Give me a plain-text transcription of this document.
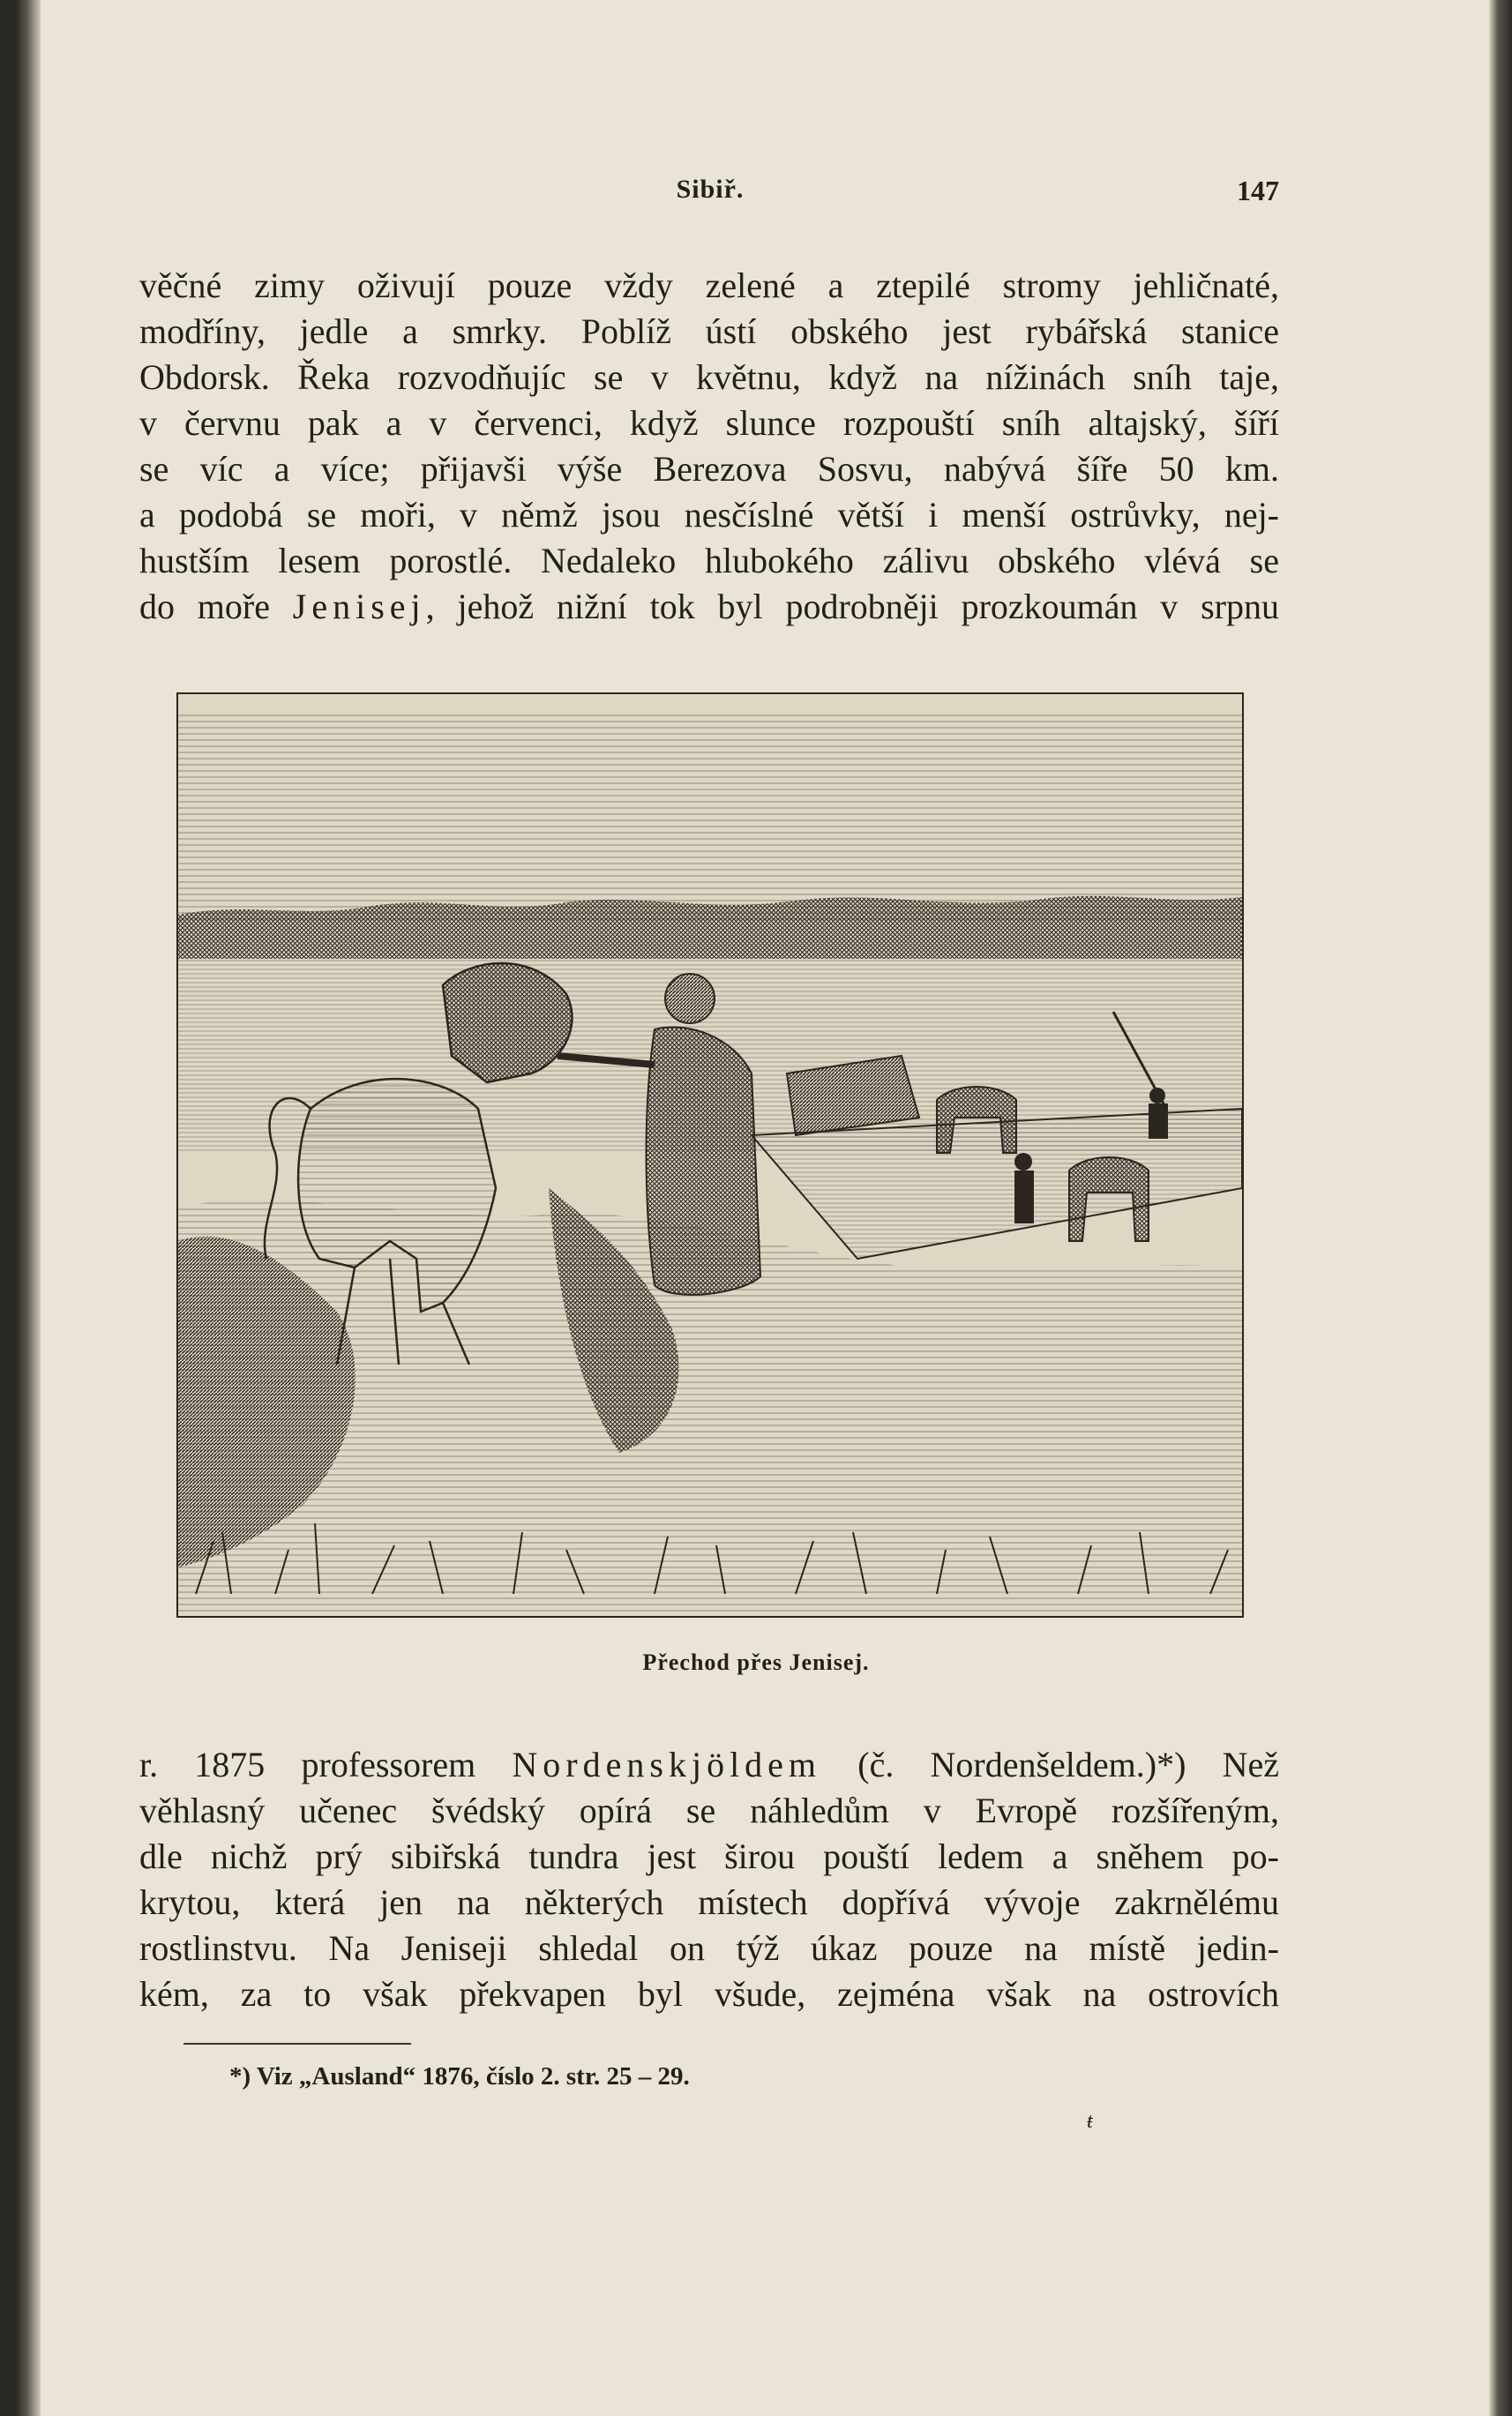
Sibiř.	147
věčné zimy oživují pouze vždy zelené a ztepilé stromy jehličnaté,
modříny, jedle a smrky. Poblíž ústí obského jest rybářská stanice
Obdorsk. Řeka rozvodňujíc se v květnu, když na nížinách sníh taje,
v červnu pak a v červenci, když slunce rozpouští sníh altajský, šíří
se víc a více; přijavši výše Berezova Sosvu, nabývá šíře 50 km.
a podobá se moři, v němž jsou nesčíslné větší i menší ostrůvky, nej-
hustším lesem porostlé. Nedaleko hlubokého zálivu obského vlévá se
do moře Jenisej, jehož nižní tok byl podrobněji prozkoumán v srpnu
Přechod přes Jenisej.
r. 1875 professorem Nordenskjöldem (č. Nordenšeldem.)*) Než
věhlasný učenec švédský opírá se náhledům v Evropě rozšířeným,
dle nichž prý sibiřská tundra jest širou pouští ledem a sněhem po-
krytou, která jen na některých místech dopřívá vývoje zakrnělému
rostlinstvu. Na Jeniseji shledal on týž úkaz pouze na místě jedin-
kém, za to však překvapen byl všude, zejména však na ostrovích
*) Viz „Ausland“ 1876, číslo 2. str. 25 – 29.
ŧ
